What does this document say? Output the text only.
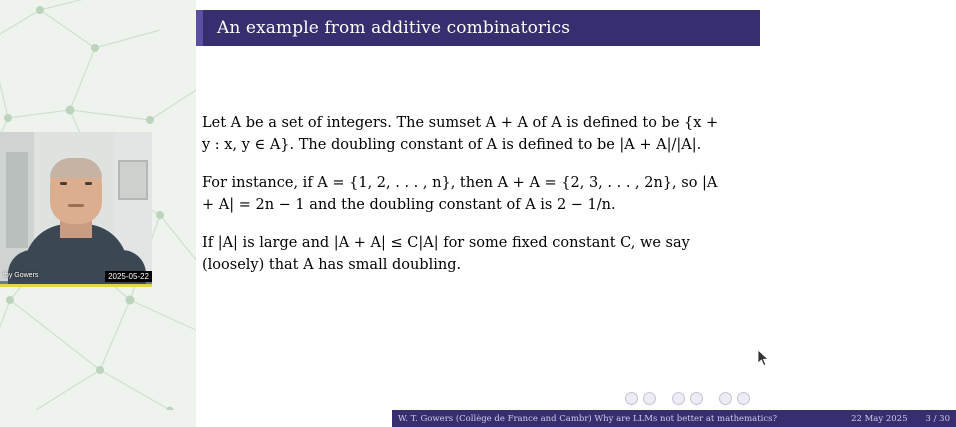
thy Gowers	2025-05-22
An example from additive combinatorics
Let A be a set of integers. The sumset A + A of A is defined to be {x + y : x, y ∈ A}. The doubling constant of A is defined to be |A + A|/|A|.
For instance, if A = {1, 2, . . . , n}, then A + A = {2, 3, . . . , 2n}, so |A + A| = 2n − 1 and the doubling constant of A is 2 − 1/n.
If |A| is large and |A + A| ≤ C|A| for some fixed constant C, we say (loosely) that A has small doubling.
W. T. Gowers (Collège de France and Cambr) Why are LLMs not better at mathematics?	22 May 2025 3 / 30
